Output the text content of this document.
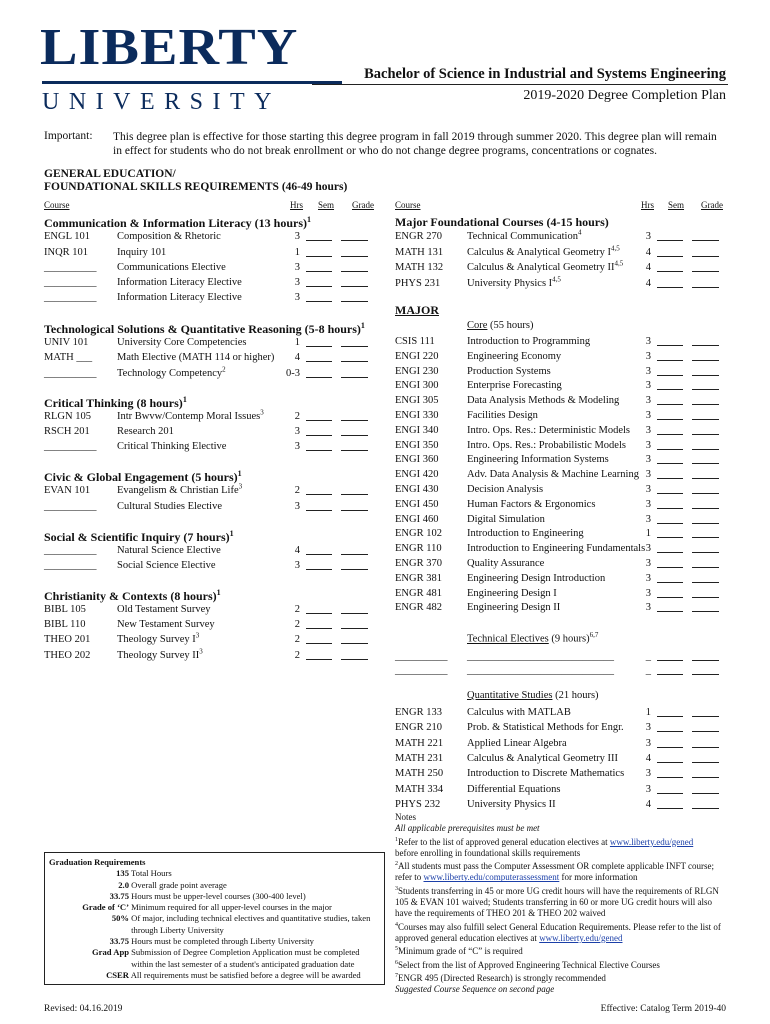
LIBERTY
UNIVERSITY
Bachelor of Science in Industrial and Systems Engineering
2019-2020 Degree Completion Plan
Important: This degree plan is effective for those starting this degree program in fall 2019 through summer 2020. This degree plan will remain in effect for students who do not break enrollment or who do not change degree programs, concentrations or cognates.
GENERAL EDUCATION/
FOUNDATIONAL SKILLS REQUIREMENTS (46-49 hours)
Course	Hrs Sem Grade Course	Hrs Sem Grade
Communication & Information Literacy (13 hours)$^1$
ENGL 101	Composition & Rhetoric	3
INQR 101	Inquiry 101	1
__________ Communications Elective	3
__________ Information Literacy Elective	3
__________ Information Literacy Elective	3
Technological Solutions & Quantitative Reasoning (5-8 hours)$^1$
UNIV 101	University Core Competencies	1
MATH ___ Math Elective (MATH 114 or higher)	4
__________ Technology Competency$^2$	0-3
Critical Thinking (8 hours)$^1$
RLGN 105 Intr Bwvw/Contemp Moral Issues$^3$	2
RSCH 201	Research 201	3
__________ Critical Thinking Elective	3
Civic & Global Engagement (5 hours)$^1$
EVAN 101	Evangelism & Christian Life$^3$	2
__________ Cultural Studies Elective	3
Social & Scientific Inquiry (7 hours)$^1$
__________ Natural Science Elective	4
__________ Social Science Elective	3
Christianity & Contexts (8 hours)$^1$
BIBL 105	Old Testament Survey	2
BIBL 110	New Testament Survey	2
THEO 201	Theology Survey $I^3$	2
THEO 202	Theology Survey $II^3$	2
Major Foundational Courses (4-15 hours)
ENGR 270 Technical Communication$^4$	3
MATH 131 Calculus & Analytical Geometry I$^{4,5}$	4
MATH 132 Calculus & Analytical Geometry II$^{4,5}$	4
PHYS 231	University Physics I$^{4,5}$	4
MAJOR
Core (55 hours)
CSIS 111	Introduction to Programming	3
ENGI 220	Engineering Economy	3
ENGI 230	Production Systems	3
ENGI 300	Enterprise Forecasting	3
ENGI 305	Data Analysis Methods & Modeling	3
ENGI 330	Facilities Design	3
ENGI 340	Intro. Ops. Res.: Deterministic Models	3
ENGI 350	Intro. Ops. Res.: Probabilistic Models	3
ENGI 360	Engineering Information Systems	3
ENGI 420	Adv. Data Analysis & Machine Learning 3
ENGI 430	Decision Analysis	3
ENGI 450	Human Factors & Ergonomics	3
ENGI 460	Digital Simulation	3
ENGR 102 Introduction to Engineering	1
ENGR 110 Introduction to Engineering Fundamentals 3
ENGR 370 Quality Assurance	3
ENGR 381 Engineering Design Introduction	3
ENGR 481 Engineering Design I	3
ENGR 482 Engineering Design II	3
Technical Electives (9 hours)$^{6,7}$
__________ ____________________________	_
__________ ____________________________	_
Quantitative Studies (21 hours)
ENGR 133 Calculus with MATLAB	1
ENGR 210 Prob. & Statistical Methods for Engr.	3
MATH 221 Applied Linear Algebra	3
MATH 231 Calculus & Analytical Geometry III	4
MATH 250 Introduction to Discrete Mathematics	3
MATH 334 Differential Equations	3
PHYS 232	University Physics II	4
Notes
All applicable prerequisites must be met
$^1$Refer to the list of approved general education electives at www.liberty.edu/gened
before enrolling in foundational skills requirements
$^2$All students must pass the Computer Assessment OR complete applicable INFT course; refer to www.liberty.edu/computerassessment for more information
$^3$Students transferring in 45 or more UG credit hours will have the requirements of RLGN 105 & EVAN 101 waived; Students transferring in 60 or more UG credit hours will also have the requirements of THEO 201 & THEO 202 waived
$^4$Courses may also fulfill select General Education Requirements. Please refer to the list of approved general education electives at www.liberty.edu/gened
$^5$Minimum grade of “C” is required
$^6$Select from the list of Approved Engineering Technical Elective Courses
$^7$ENGR 495 (Directed Research) is strongly recommended
Suggested Course Sequence on second page
Graduation Requirements
135 Total Hours
2.0 Overall grade point average
33.75 Hours must be upper-level courses (300-400 level)
Grade of ‘C’ Minimum required for all upper-level courses in the major
50% Of major, including technical electives and quantitative studies, taken
through Liberty University
33.75 Hours must be completed through Liberty University
Grad App Submission of Degree Completion Application must be completed
within the last semester of a student's anticipated graduation date
CSER All requirements must be satisfied before a degree will be awarded
Revised: 04.16.2019	Effective: Catalog Term 2019-40
